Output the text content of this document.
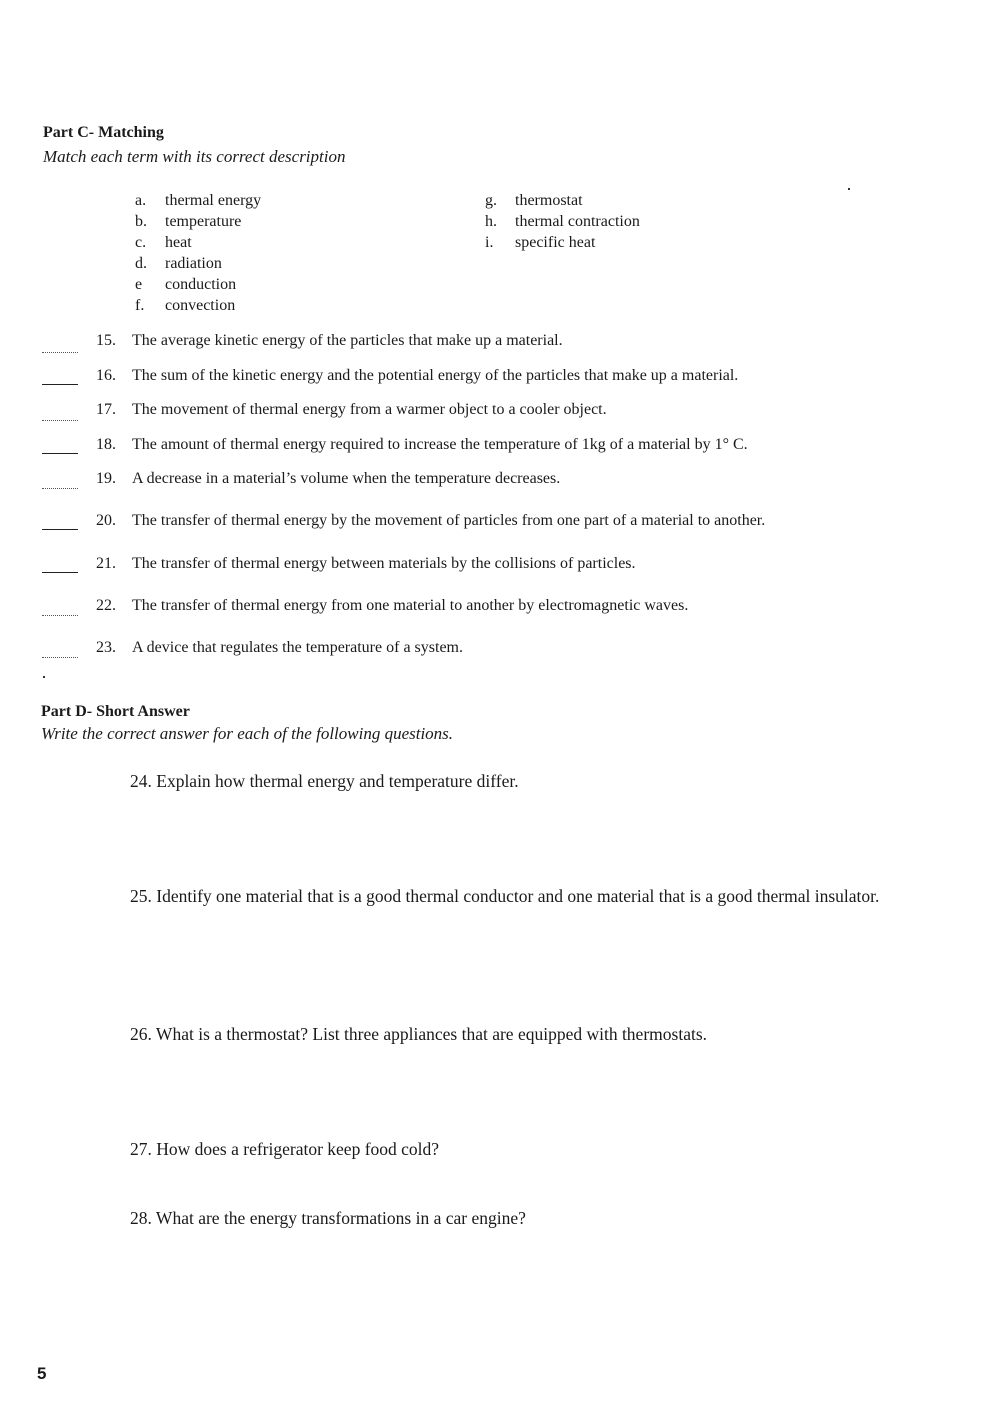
Part C- Matching
Match each term with its correct description
a. thermal energy
b. temperature
c. heat
d. radiation
e conduction
f. convection
g. thermostat
h. thermal contraction
i. specific heat
15. The average kinetic energy of the particles that make up a material.
16. The sum of the kinetic energy and the potential energy of the particles that make up a material.
17. The movement of thermal energy from a warmer object to a cooler object.
18. The amount of thermal energy required to increase the temperature of 1kg of a material by 1° C.
19. A decrease in a material’s volume when the temperature decreases.
20. The transfer of thermal energy by the movement of particles from one part of a material to another.
21. The transfer of thermal energy between materials by the collisions of particles.
22. The transfer of thermal energy from one material to another by electromagnetic waves.
23. A device that regulates the temperature of a system.
Part D- Short Answer
Write the correct answer for each of the following questions.
24. Explain how thermal energy and temperature differ.
25. Identify one material that is a good thermal conductor and one material that is a good thermal insulator.
26. What is a thermostat? List three appliances that are equipped with thermostats.
27. How does a refrigerator keep food cold?
28. What are the energy transformations in a car engine?
5
